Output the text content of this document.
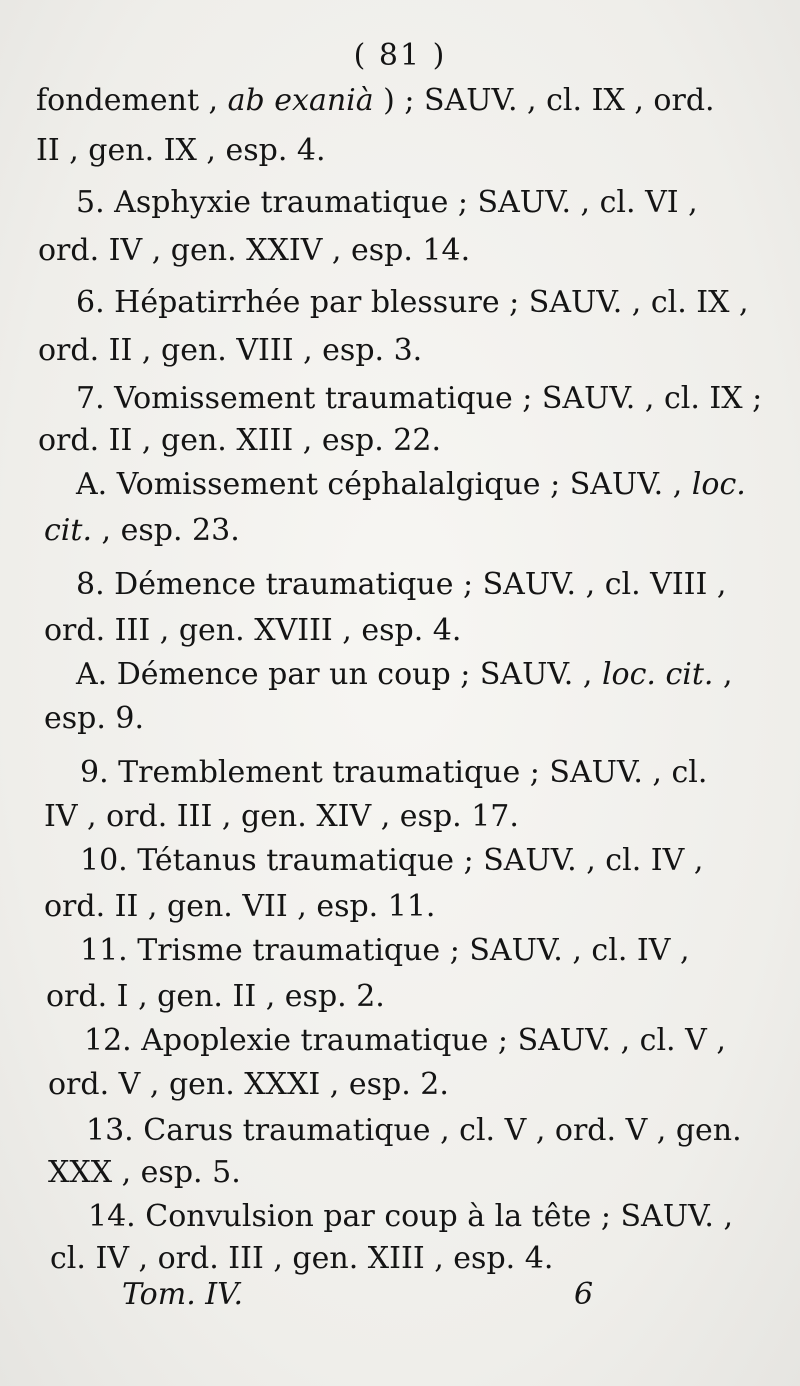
( 81 )
fondement , ab exanià ) ; SAUV. , cl. IX , ord.
II , gen. IX , esp. 4.
5. Asphyxie traumatique ; SAUV. , cl. VI ,
ord. IV , gen. XXIV , esp. 14.
6. Hépatirrhée par blessure ; SAUV. , cl. IX ,
ord. II , gen. VIII , esp. 3.
7. Vomissement traumatique ; SAUV. , cl. IX ;
ord. II , gen. XIII , esp. 22.
A. Vomissement céphalalgique ; SAUV. , loc.
cit. , esp. 23.
8. Démence traumatique ; SAUV. , cl. VIII ,
ord. III , gen. XVIII , esp. 4.
A. Démence par un coup ; SAUV. , loc. cit. ,
esp. 9.
9. Tremblement traumatique ; SAUV. , cl.
IV , ord. III , gen. XIV , esp. 17.
10. Tétanus traumatique ; SAUV. , cl. IV ,
ord. II , gen. VII , esp. 11.
11. Trisme traumatique ; SAUV. , cl. IV ,
ord. I , gen. II , esp. 2.
12. Apoplexie traumatique ; SAUV. , cl. V ,
ord. V , gen. XXXI , esp. 2.
13. Carus traumatique , cl. V , ord. V , gen.
XXX , esp. 5.
14. Convulsion par coup à la tête ; SAUV. ,
cl. IV , ord. III , gen. XIII , esp. 4.
Tom. IV.	6
